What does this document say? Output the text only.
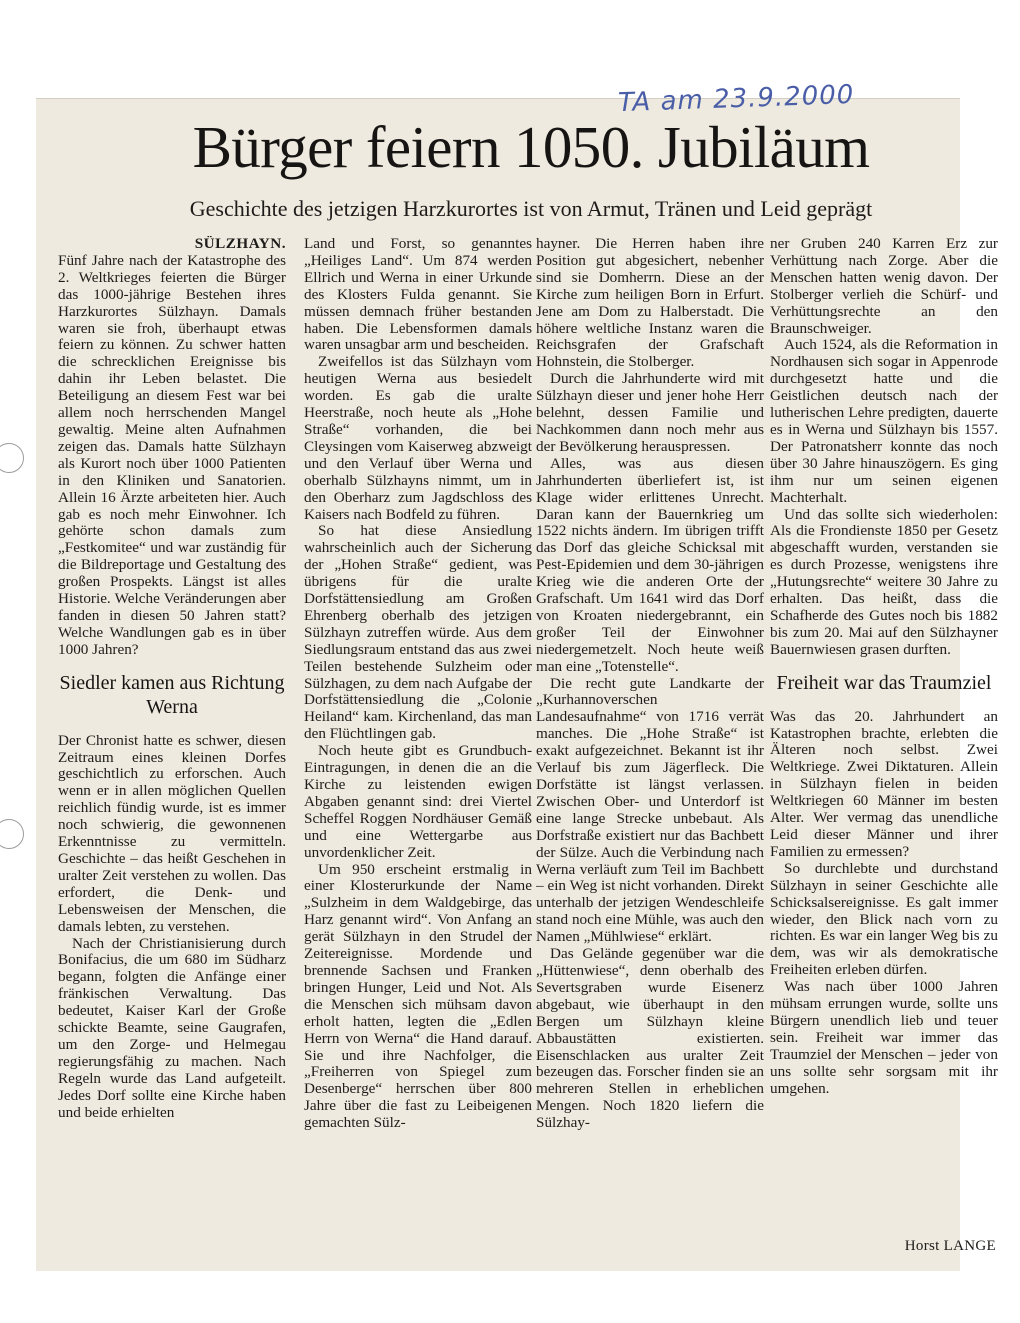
TA am 23.9.2000
Bürger feiern 1050. Jubiläum
Geschichte des jetzigen Harzkurortes ist von Armut, Tränen und Leid geprägt

SÜLZHAYN.

Fünf Jahre nach der Katastrophe des 2. Weltkrieges feierten die Bürger das 1000-jährige Bestehen ihres Harzkurortes Sülzhayn. Damals waren sie froh, überhaupt etwas feiern zu können. Zu schwer hatten die schrecklichen Ereignisse bis dahin ihr Leben belastet. Die Beteiligung an diesem Fest war bei allem noch herrschenden Mangel gewaltig. Meine alten Aufnahmen zeigen das. Damals hatte Sülzhayn als Kurort noch über 1000 Patienten in den Kliniken und Sanatorien. Allein 16 Ärzte arbeiteten hier. Auch gab es noch mehr Einwohner. Ich gehörte schon damals zum „Festkomitee“ und war zuständig für die Bildreportage und Gestaltung des großen Prospekts. Längst ist alles Historie. Welche Veränderungen aber fanden in diesen 50 Jahren statt? Welche Wandlungen gab es in über 1000 Jahren?

Siedler kamen aus Richtung Werna

Der Chronist hatte es schwer, diesen Zeitraum eines kleinen Dorfes geschichtlich zu erforschen. Auch wenn er in allen möglichen Quellen reichlich fündig wurde, ist es immer noch schwierig, die gewonnenen Erkenntnisse zu vermitteln. Geschichte – das heißt Geschehen in uralter Zeit verstehen zu wollen. Das erfordert, die Denk- und Lebensweisen der Menschen, die damals lebten, zu verstehen.

Nach der Christianisierung durch Bonifacius, die um 680 im Südharz begann, folgten die Anfänge einer fränkischen Verwaltung. Das bedeutet, Kaiser Karl der Große schickte Beamte, seine Gaugrafen, um den Zorge- und Helmegau regierungsfähig zu machen. Nach Regeln wurde das Land aufgeteilt. Jedes Dorf sollte eine Kirche haben und beide erhielten

Land und Forst, so genanntes „Heiliges Land“. Um 874 werden Ellrich und Werna in einer Urkunde des Klosters Fulda genannt. Sie müssen demnach früher bestanden haben. Die Lebensformen damals waren unsagbar arm und bescheiden.

Zweifellos ist das Sülzhayn vom heutigen Werna aus besiedelt worden. Es gab die uralte Heerstraße, noch heute als „Hohe Straße“ vorhanden, die bei Cleysingen vom Kaiserweg abzweigt und den Verlauf über Werna und oberhalb Sülzhayns nimmt, um in den Oberharz zum Jagdschloss des Kaisers nach Bodfeld zu führen.

So hat diese Ansiedlung wahrscheinlich auch der Sicherung der „Hohen Straße“ gedient, was übrigens für die uralte Dorfstättensiedlung am Großen Ehrenberg oberhalb des jetzigen Sülzhayn zutreffen würde. Aus dem Siedlungsraum entstand das aus zwei Teilen bestehende Sulzheim oder Sülzhagen, zu dem nach Aufgabe der Dorfstättensiedlung die „Colonie Heiland“ kam. Kirchenland, das man den Flüchtlingen gab.

Noch heute gibt es Grundbuch-Eintragungen, in denen die an die Kirche zu leistenden ewigen Abgaben genannt sind: drei Viertel Scheffel Roggen Nordhäuser Gemäß und eine Wettergarbe aus unvordenklicher Zeit.

Um 950 erscheint erstmalig in einer Klosterurkunde der Name „Sulzheim in dem Waldgebirge, das Harz genannt wird“. Von Anfang an gerät Sülzhayn in den Strudel der Zeitereignisse. Mordende und brennende Sachsen und Franken bringen Hunger, Leid und Not. Als die Menschen sich mühsam davon erholt hatten, legten die „Edlen Herrn von Werna“ die Hand darauf. Sie und ihre Nachfolger, die „Freiherren von Spiegel zum Desenberge“ herrschen über 800 Jahre über die fast zu Leibeigenen gemachten Sülz-

hayner. Die Herren haben ihre Position gut abgesichert, nebenher sind sie Domherrn. Diese an der Kirche zum heiligen Born in Erfurt. Jene am Dom zu Halberstadt. Die höhere weltliche Instanz waren die Reichsgrafen der Grafschaft Hohnstein, die Stolberger.

Durch die Jahrhunderte wird mit Sülzhayn dieser und jener hohe Herr belehnt, dessen Familie und Nachkommen dann noch mehr aus der Bevölkerung herauspressen.

Alles, was aus diesen Jahrhunderten überliefert ist, ist Klage wider erlittenes Unrecht. Daran kann der Bauernkrieg um 1522 nichts ändern. Im übrigen trifft das Dorf das gleiche Schicksal mit Pest-Epidemien und dem 30-jährigen Krieg wie die anderen Orte der Grafschaft. Um 1641 wird das Dorf von Kroaten niedergebrannt, ein großer Teil der Einwohner niedergemetzelt. Noch heute weiß man eine „Totenstelle“.

Die recht gute Landkarte der „Kurhannoverschen Landesaufnahme“ von 1716 verrät manches. Die „Hohe Straße“ ist exakt aufgezeichnet. Bekannt ist ihr Verlauf bis zum Jägerfleck. Die Dorfstätte ist längst verlassen. Zwischen Ober- und Unterdorf ist eine lange Strecke unbebaut. Als Dorfstraße existiert nur das Bachbett der Sülze. Auch die Verbindung nach Werna verläuft zum Teil im Bachbett – ein Weg ist nicht vorhanden. Direkt unterhalb der jetzigen Wendeschleife stand noch eine Mühle, was auch den Namen „Mühlwiese“ erklärt.

Das Gelände gegenüber war die „Hüttenwiese“, denn oberhalb des Severtsgraben wurde Eisenerz abgebaut, wie überhaupt in den Bergen um Sülzhayn kleine Abbaustätten existierten. Eisenschlacken aus uralter Zeit bezeugen das. Forscher finden sie an mehreren Stellen in erheblichen Mengen. Noch 1820 liefern die Sülzhay-

ner Gruben 240 Karren Erz zur Verhüttung nach Zorge. Aber die Menschen hatten wenig davon. Der Stolberger verlieh die Schürf- und Verhüttungsrechte an den Braunschweiger.

Auch 1524, als die Reformation in Nordhausen sich sogar in Appenrode durchgesetzt hatte und die Geistlichen deutsch nach der lutherischen Lehre predigten, dauerte es in Werna und Sülzhayn bis 1557. Der Patronatsherr konnte das noch über 30 Jahre hinauszögern. Es ging ihm nur um seinen eigenen Machterhalt.

Und das sollte sich wiederholen: Als die Frondienste 1850 per Gesetz abgeschafft wurden, verstanden sie es durch Prozesse, wenigstens ihre „Hutungsrechte“ weitere 30 Jahre zu erhalten. Das heißt, dass die Schafherde des Gutes noch bis 1882 bis zum 20. Mai auf den Sülzhayner Bauernwiesen grasen durften.

Freiheit war das Traumziel

Was das 20. Jahrhundert an Katastrophen brachte, erlebten die Älteren noch selbst. Zwei Weltkriege. Zwei Diktaturen. Allein in Sülzhayn fielen in beiden Weltkriegen 60 Männer im besten Alter. Wer vermag das unendliche Leid dieser Männer und ihrer Familien zu ermessen?

So durchlebte und durchstand Sülzhayn in seiner Geschichte alle Schicksalsereignisse. Es galt immer wieder, den Blick nach vorn zu richten. Es war ein langer Weg bis zu dem, was wir als demokratische Freiheiten erleben dürfen.

Was nach über 1000 Jahren mühsam errungen wurde, sollte uns Bürgern unendlich lieb und teuer sein. Freiheit war immer das Traumziel der Menschen – jeder von uns sollte sehr sorgsam mit ihr umgehen.

Horst LANGE
